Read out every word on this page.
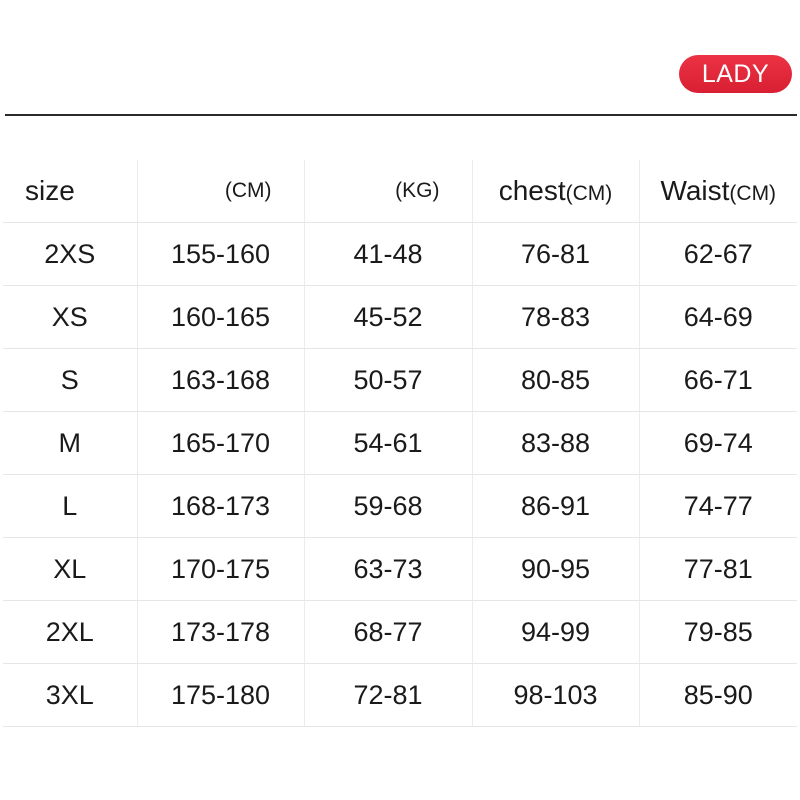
LADY
size	(CM)	(KG)	chest(CM)	Waist(CM)
2XS	155-160	41-48	76-81	62-67
XS	160-165	45-52	78-83	64-69
S	163-168	50-57	80-85	66-71
M	165-170	54-61	83-88	69-74
L	168-173	59-68	86-91	74-77
XL	170-175	63-73	90-95	77-81
2XL	173-178	68-77	94-99	79-85
3XL	175-180	72-81	98-103	85-90
